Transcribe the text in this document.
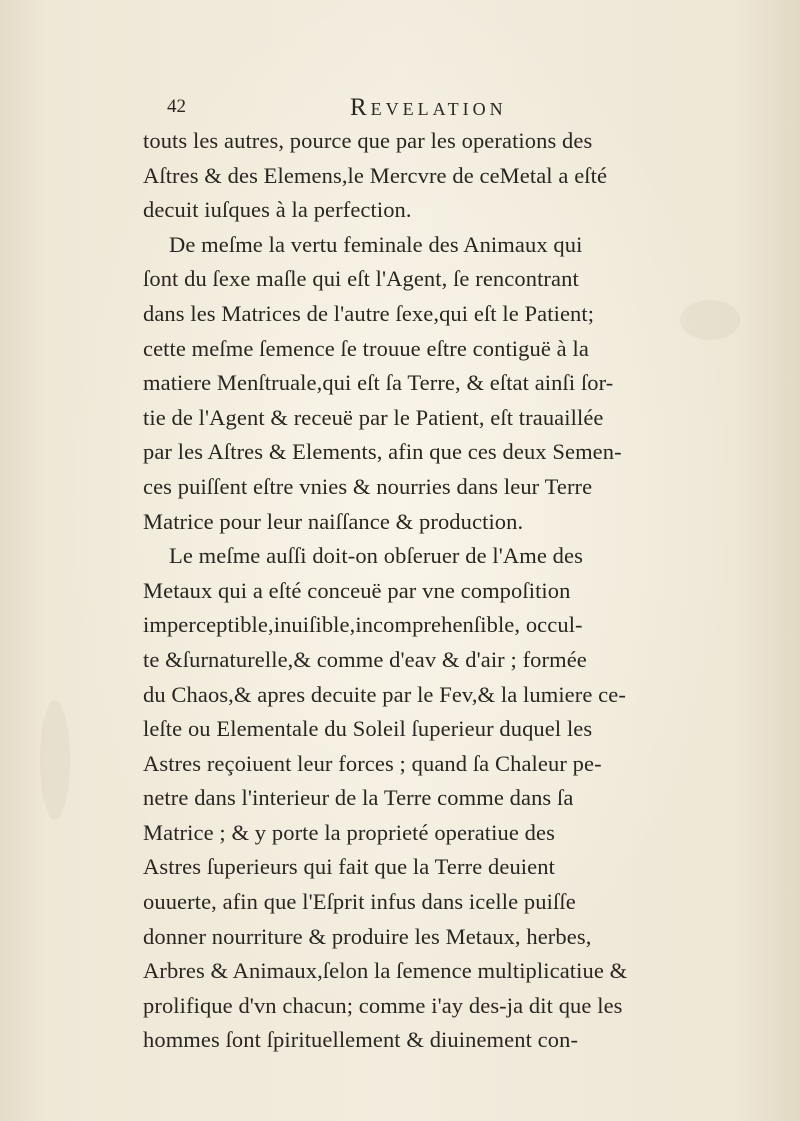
42	Revelation
touts les autres, pource que par les operations des
Aſtres & des Elemens,le Mercvre de ceMetal a eſté
decuit iuſques à la perfection.
De meſme la vertu feminale des Animaux qui
ſont du ſexe maſle qui eſt l'Agent, ſe rencontrant
dans les Matrices de l'autre ſexe,qui eſt le Patient;
cette meſme ſemence ſe trouue eſtre contiguë à la
matiere Menſtruale,qui eſt ſa Terre, & eſtat ainſi ſor-
tie de l'Agent & receuë par le Patient, eſt trauaillée
par les Aſtres & Elements, afin que ces deux Semen-
ces puiſſent eſtre vnies & nourries dans leur Terre
Matrice pour leur naiſſance & production.
Le meſme auſſi doit-on obſeruer de l'Ame des
Metaux qui a eſté conceuë par vne compoſition
imperceptible,inuiſible,incomprehenſible, occul-
te &ſurnaturelle,& comme d'eav & d'air ; formée
du Chaos,& apres decuite par le Fev,& la lumiere ce-
leſte ou Elementale du Soleil ſuperieur duquel les
Astres reçoiuent leur forces ; quand ſa Chaleur pe-
netre dans l'interieur de la Terre comme dans ſa
Matrice ; & y porte la proprieté operatiue des
Astres ſuperieurs qui fait que la Terre deuient
ouuerte, afin que l'Eſprit infus dans icelle puiſſe
donner nourriture & produire les Metaux, herbes,
Arbres & Animaux,ſelon la ſemence multiplicatiue &
prolifique d'vn chacun; comme i'ay des-ja dit que les
hommes ſont ſpirituellement & diuinement con-
